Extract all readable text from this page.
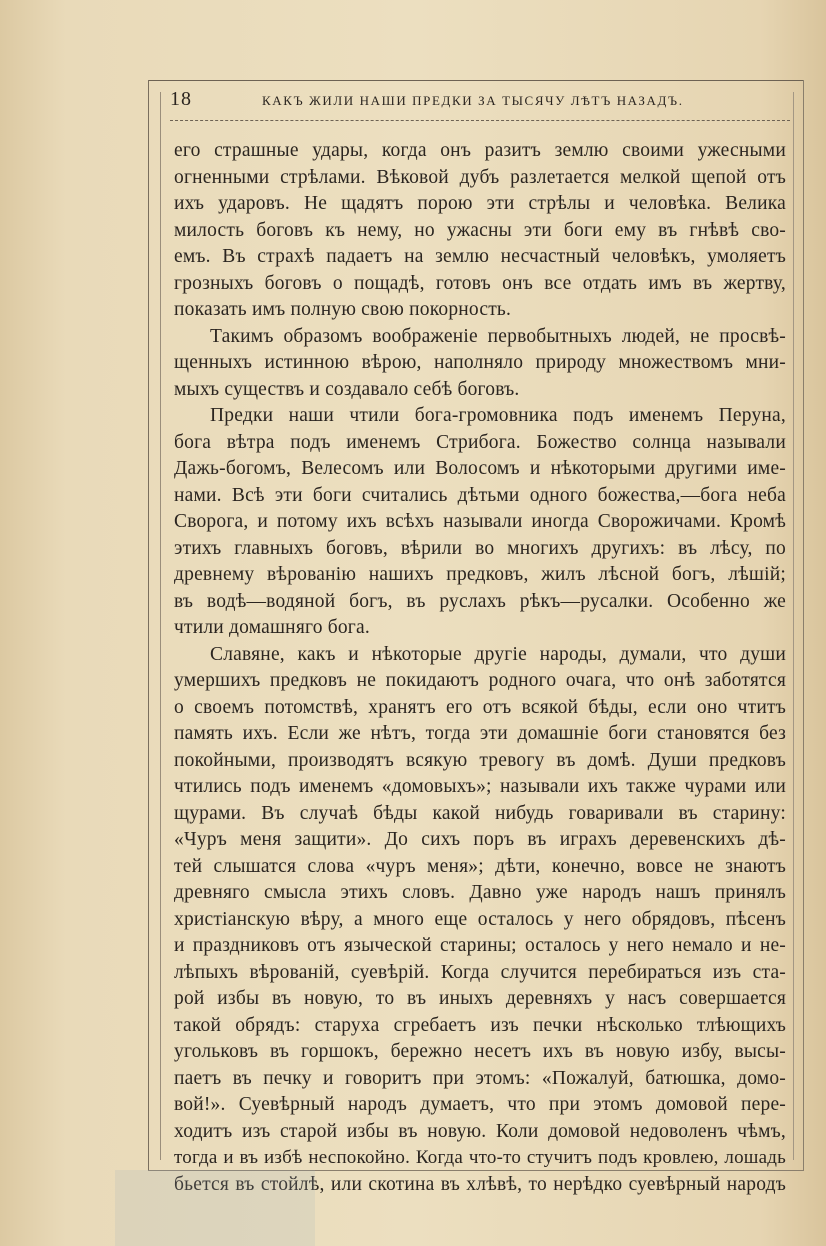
18	КАКЪ ЖИЛИ НАШИ ПРЕДКИ ЗА ТЫСЯЧУ ЛѢТЪ НАЗАДЪ.
его страшные удары, когда онъ разитъ землю своими ужесными
огненными стрѣлами. Вѣковой дубъ разлетается мелкой щепой отъ
ихъ ударовъ. Не щадятъ порою эти стрѣлы и человѣка. Велика
милость боговъ къ нему, но ужасны эти боги ему въ гнѣвѣ сво-
емъ. Въ страхѣ падаетъ на землю несчастный человѣкъ, умоляетъ
грозныхъ боговъ о пощадѣ, готовъ онъ все отдать имъ въ жертву,
показать имъ полную свою покорность.
Такимъ образомъ воображеніе первобытныхъ людей, не просвѣ-
щенныхъ истинною вѣрою, наполняло природу множествомъ мни-
мыхъ существъ и создавало себѣ боговъ.
Предки наши чтили бога-громовника подъ именемъ Перуна,
бога вѣтра подъ именемъ Стрибога. Божество солнца называли
Дажь-богомъ, Велесомъ или Волосомъ и нѣкоторыми другими име-
нами. Всѣ эти боги считались дѣтьми одного божества,—бога неба
Сворога, и потому ихъ всѣхъ называли иногда Сворожичами. Кромѣ
этихъ главныхъ боговъ, вѣрили во многихъ другихъ: въ лѣсу, по
древнему вѣрованію нашихъ предковъ, жилъ лѣсной богъ, лѣшій;
въ водѣ—водяной богъ, въ руслахъ рѣкъ—русалки. Особенно же
чтили домашняго бога.
Славяне, какъ и нѣкоторые другіе народы, думали, что души
умершихъ предковъ не покидаютъ родного очага, что онѣ заботятся
о своемъ потомствѣ, хранятъ его отъ всякой бѣды, если оно чтитъ
память ихъ. Если же нѣтъ, тогда эти домашніе боги становятся без
покойными, производятъ всякую тревогу въ домѣ. Души предковъ
чтились подъ именемъ «домовыхъ»; называли ихъ также чурами или
щурами. Въ случаѣ бѣды какой нибудь говаривали въ старину:
«Чуръ меня защити». До сихъ поръ въ играхъ деревенскихъ дѣ-
тей слышатся слова «чуръ меня»; дѣти, конечно, вовсе не знаютъ
древняго смысла этихъ словъ. Давно уже народъ нашъ принялъ
христіанскую вѣру, а много еще осталось у него обрядовъ, пѣсенъ
и праздниковъ отъ языческой старины; осталось у него немало и не-
лѣпыхъ вѣрованій, суевѣрій. Когда случится перебираться изъ ста-
рой избы въ новую, то въ иныхъ деревняхъ у насъ совершается
такой обрядъ: старуха сгребаетъ изъ печки нѣсколько тлѣющихъ
угольковъ въ горшокъ, бережно несетъ ихъ въ новую избу, высы-
паетъ въ печку и говоритъ при этомъ: «Пожалуй, батюшка, домо-
вой!». Суевѣрный народъ думаетъ, что при этомъ домовой пере-
ходитъ изъ старой избы въ новую. Коли домовой недоволенъ чѣмъ,
тогда и въ избѣ неспокойно. Когда что-то стучитъ подъ кровлею, лошадь
бьется въ стойлѣ, или скотина въ хлѣвѣ, то нерѣдко суевѣрный народъ
